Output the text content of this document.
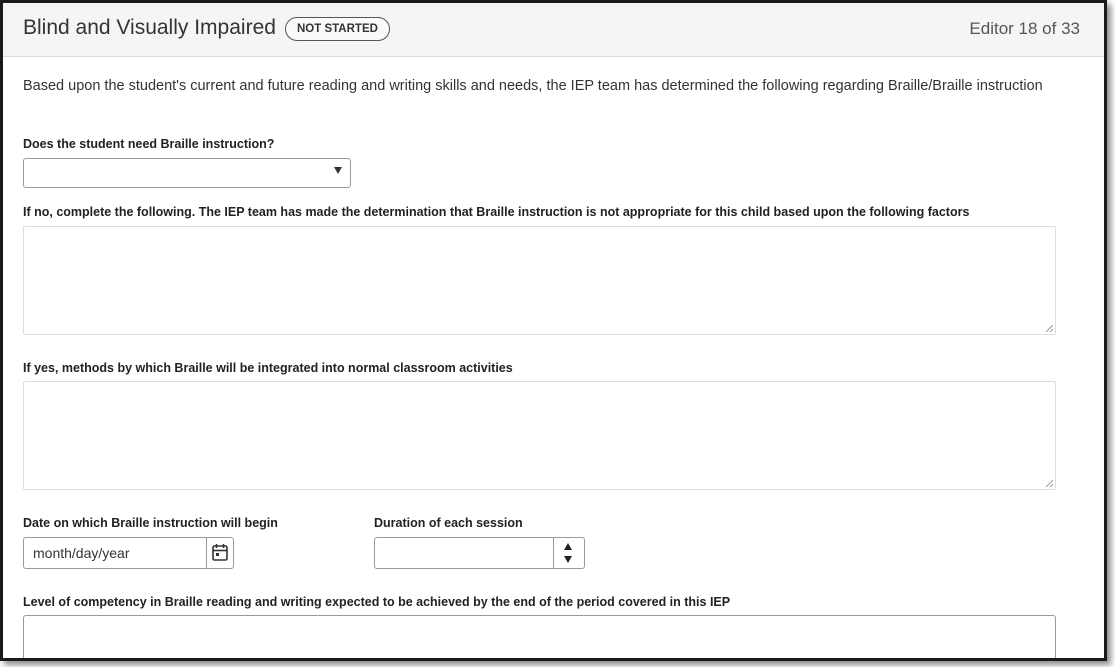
Blind and Visually Impaired	NOT STARTED	Editor 18 of 33
Based upon the student's current and future reading and writing skills and needs, the IEP team has determined the following regarding Braille/Braille instruction
Does the student need Braille instruction?
If no, complete the following. The IEP team has made the determination that Braille instruction is not appropriate for this child based upon the following factors
If yes, methods by which Braille will be integrated into normal classroom activities
Date on which Braille instruction will begin
month/day/year
Duration of each session
Level of competency in Braille reading and writing expected to be achieved by the end of the period covered in this IEP
